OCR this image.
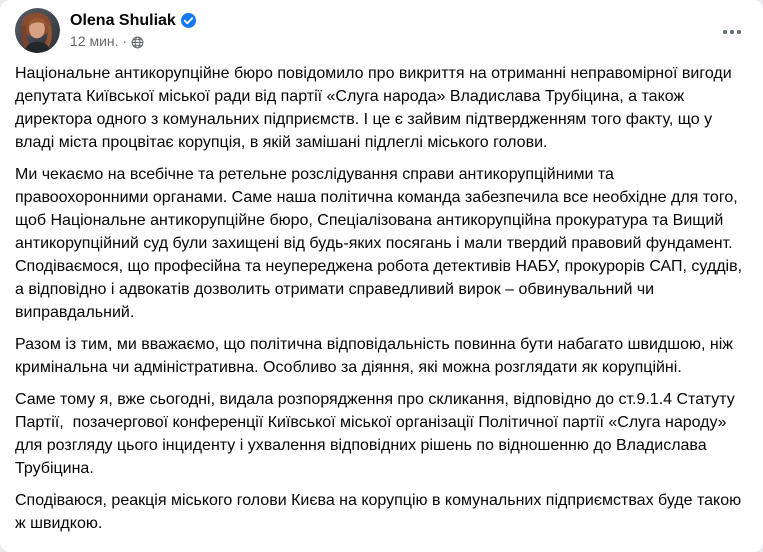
Olena Shuliak
12 мин. ·

Національне антикорупційне бюро повідомило про викриття на отриманні неправомірної вигоди депутата Київської міської ради від партії «Слуга народа» Владислава Трубіцина, а також директора одного з комунальних підприємств. І це є зайвим підтвердженням того факту, що у владі міста процвітає корупція, в якій замішані підлеглі міського голови.

Ми чекаємо на всебічне та ретельне розслідування справи антикорупційними та правоохоронними органами. Саме наша політична команда забезпечила все необхідне для того, щоб Національне антикорупційне бюро, Спеціалізована антикорупційна прокуратура та Вищий антикорупційний суд були захищені від будь-яких посягань і мали твердий правовий фундамент. Сподіваємося, що професійна та неупереджена робота детективів НАБУ, прокурорів САП, суддів, а відповідно і адвокатів дозволить отримати справедливий вирок – обвинувальний чи виправдальний.

Разом із тим, ми вважаємо, що політична відповідальність повинна бути набагато швидшою, ніж кримінальна чи адміністративна. Особливо за діяння, які можна розглядати як корупційні.

Саме тому я, вже сьогодні, видала розпорядження про скликання, відповідно до ст.9.1.4 Статуту Партії,  позачергової конференції Київської міської організації Політичної партії «Слуга народу» для розгляду цього інциденту і ухвалення відповідних рішень по відношенню до Владислава Трубіцина.

Сподіваюся, реакція міського голови Києва на корупцію в комунальних підприємствах буде такою ж швидкою.
